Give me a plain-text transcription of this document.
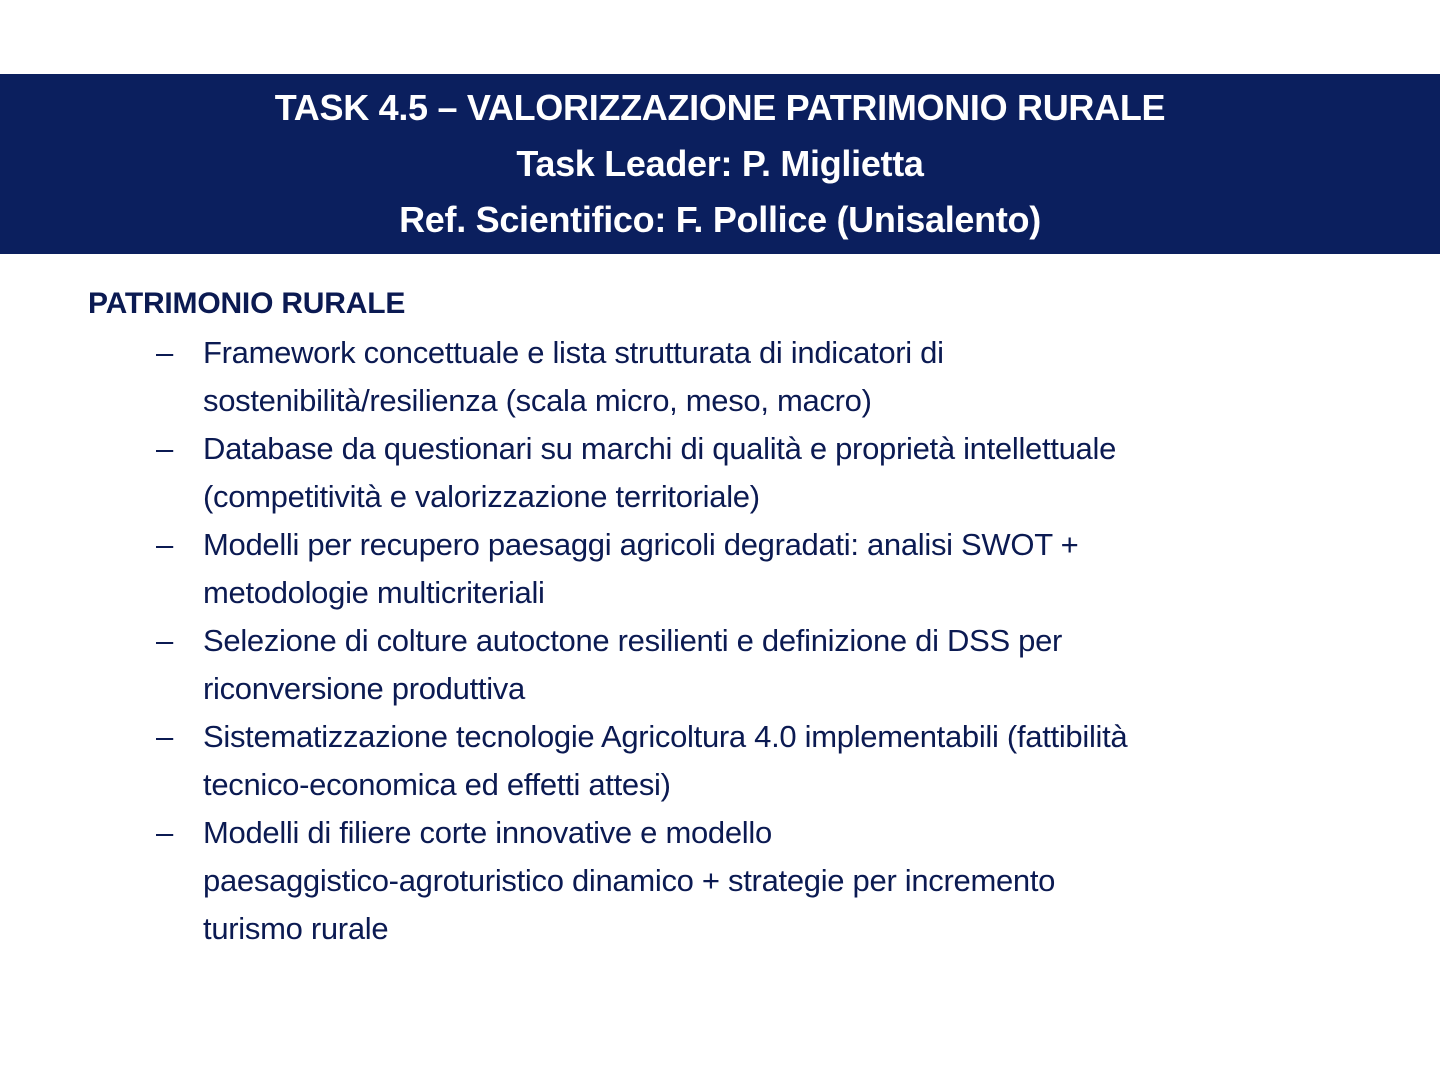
TASK 4.5 – VALORIZZAZIONE PATRIMONIO RURALE
Task Leader: P. Miglietta
Ref. Scientifico: F. Pollice (Unisalento)
PATRIMONIO RURALE
– Framework concettuale e lista strutturata di indicatori di
sostenibilità/resilienza (scala micro, meso, macro)
– Database da questionari su marchi di qualità e proprietà intellettuale
(competitività e valorizzazione territoriale)
– Modelli per recupero paesaggi agricoli degradati: analisi SWOT +
metodologie multicriteriali
– Selezione di colture autoctone resilienti e definizione di DSS per
riconversione produttiva
– Sistematizzazione tecnologie Agricoltura 4.0 implementabili (fattibilità
tecnico-economica ed effetti attesi)
– Modelli di filiere corte innovative e modello
paesaggistico-agroturistico dinamico + strategie per incremento
turismo rurale
